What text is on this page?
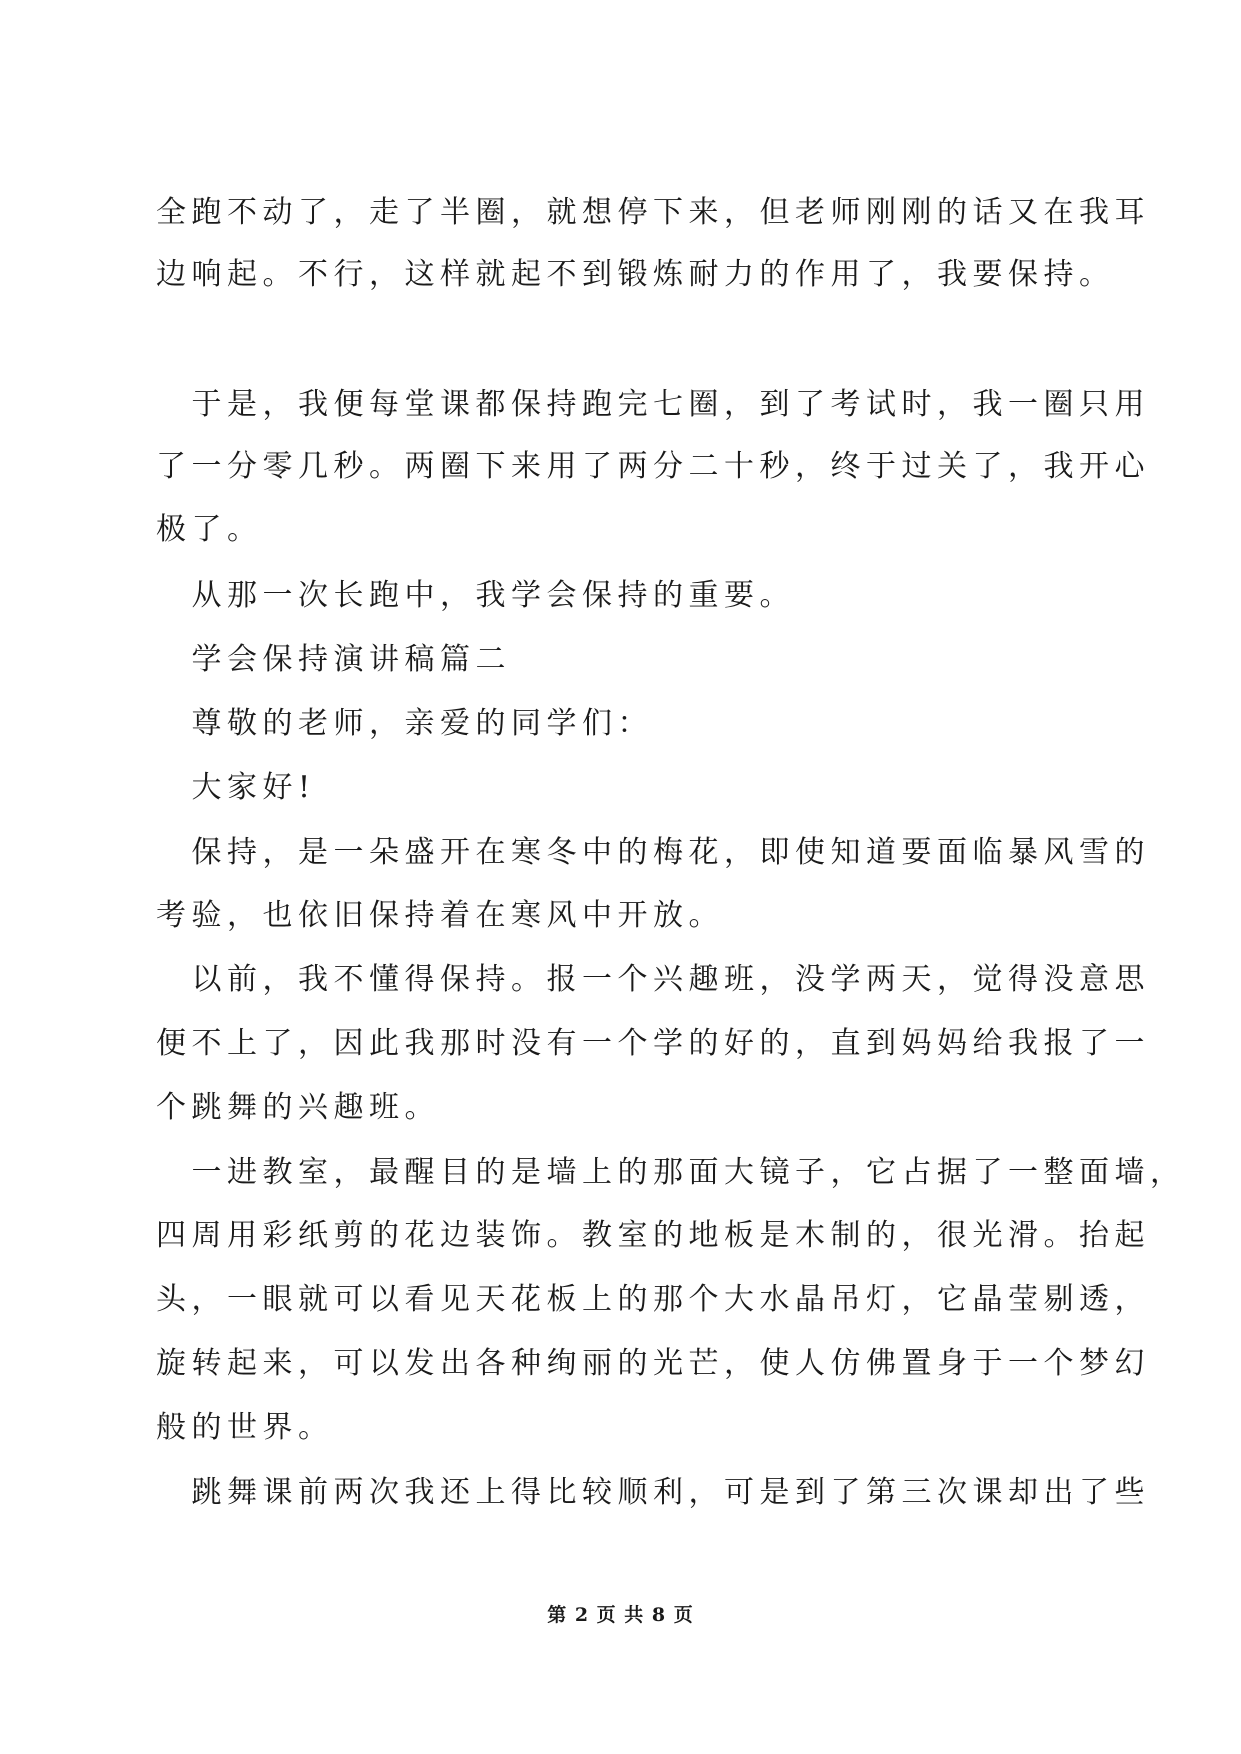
全跑不动了，走了半圈，就想停下来，但老师刚刚的话又在我耳
边响起。不行，这样就起不到锻炼耐力的作用了，我要保持。
　于是，我便每堂课都保持跑完七圈，到了考试时，我一圈只用
了一分零几秒。两圈下来用了两分二十秒，终于过关了，我开心
极了。
　从那一次长跑中，我学会保持的重要。
　学会保持演讲稿篇二
　尊敬的老师，亲爱的同学们：
　大家好!
　保持，是一朵盛开在寒冬中的梅花，即使知道要面临暴风雪的
考验，也依旧保持着在寒风中开放。
　以前，我不懂得保持。报一个兴趣班，没学两天，觉得没意思
便不上了，因此我那时没有一个学的好的，直到妈妈给我报了一
个跳舞的兴趣班。
　一进教室，最醒目的是墙上的那面大镜子，它占据了一整面墙，
四周用彩纸剪的花边装饰。教室的地板是木制的，很光滑。抬起
头，一眼就可以看见天花板上的那个大水晶吊灯，它晶莹剔透，
旋转起来，可以发出各种绚丽的光芒，使人仿佛置身于一个梦幻
般的世界。
　跳舞课前两次我还上得比较顺利，可是到了第三次课却出了些
第 2 页 共 8 页
